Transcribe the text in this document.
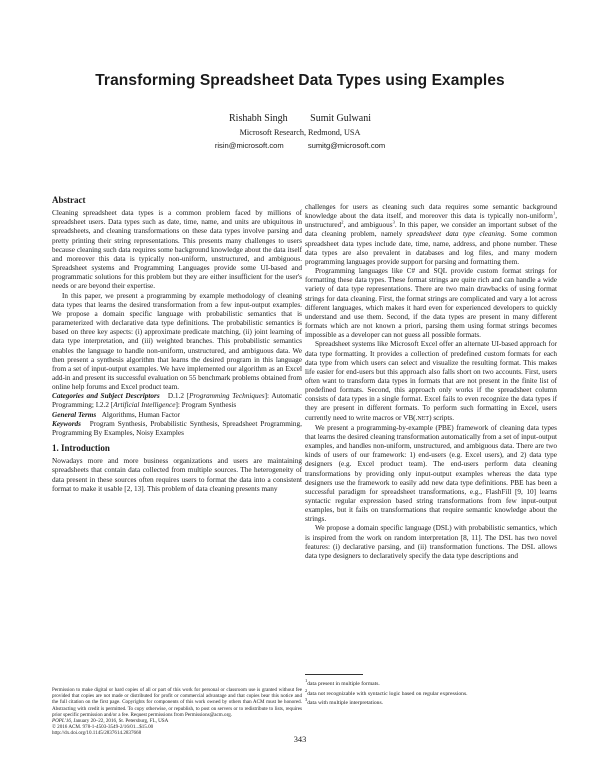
Transforming Spreadsheet Data Types using Examples
Rishabh Singh Sumit Gulwani
Microsoft Research, Redmond, USA
risin@microsoft.com	sumitg@microsoft.com
Abstract

Cleaning spreadsheet data types is a common problem faced by millions of spreadsheet users. Data types such as date, time, name, and units are ubiquitous in spreadsheets, and cleaning transformations on these data types involve parsing and pretty printing their string representations. This presents many challenges to users because cleaning such data requires some background knowledge about the data itself and moreover this data is typically non-uniform, unstructured, and ambiguous. Spreadsheet systems and Programming Languages provide some UI-based and programmatic solutions for this problem but they are either insufficient for the user's needs or are beyond their expertise.

In this paper, we present a programming by example methodology of cleaning data types that learns the desired transformation from a few input-output examples. We propose a domain specific language with probabilistic semantics that is parameterized with declarative data type definitions. The probabilistic semantics is based on three key aspects: (i) approximate predicate matching, (ii) joint learning of data type interpretation, and (iii) weighted branches. This probabilistic semantics enables the language to handle non-uniform, unstructured, and ambiguous data. We then present a synthesis algorithm that learns the desired program in this language from a set of input-output examples. We have implemented our algorithm as an Excel add-in and present its successful evaluation on 55 benchmark problems obtained from online help forums and Excel product team.

Categories and Subject Descriptors D.1.2 [Programming Techniques]: Automatic Programming; I.2.2 [Artificial Intelligence]: Program Synthesis

General Terms Algorithms, Human Factor

Keywords Program Synthesis, Probabilistic Synthesis, Spreadsheet Programming, Programming By Examples, Noisy Examples

1. Introduction

Nowadays more and more business organizations and users are maintaining spreadsheets that contain data collected from multiple sources. The heterogeneity of data present in these sources often requires users to format the data into a consistent format to make it usable [2, 13]. This problem of data cleaning presents many

Permission to make digital or hard copies of all or part of this work for personal or classroom use is granted without fee provided that copies are not made or distributed for profit or commercial advantage and that copies bear this notice and the full citation on the first page. Copyrights for components of this work owned by others than ACM must be honored. Abstracting with credit is permitted. To copy otherwise, or republish, to post on servers or to redistribute to lists, requires prior specific permission and/or a fee. Request permissions from Permissions@acm.org.

POPL'16, January 20–22, 2016, St. Petersburg, FL, USA

© 2016 ACM. 978-1-4503-3549-2/16/01...$15.00

http://dx.doi.org/10.1145/2837614.2837668

challenges for users as cleaning such data requires some semantic background knowledge about the data itself, and moreover this data is typically non-uniform$^1$, unstructured$^2$, and ambiguous$^3$. In this paper, we consider an important subset of the data cleaning problem, namely spreadsheet data type cleaning. Some common spreadsheet data types include date, time, name, address, and phone number. These data types are also prevalent in databases and log files, and many modern programming languages provide support for parsing and formatting them.

Programming languages like C# and SQL provide custom format strings for formatting these data types. These format strings are quite rich and can handle a wide variety of data type representations. There are two main drawbacks of using format strings for data cleaning. First, the format strings are complicated and vary a lot across different languages, which makes it hard even for experienced developers to quickly understand and use them. Second, if the data types are present in many different formats which are not known a priori, parsing them using format strings becomes impossible as a developer can not guess all possible formats.

Spreadsheet systems like Microsoft Excel offer an alternate UI-based approach for data type formatting. It provides a collection of predefined custom formats for each data type from which users can select and visualize the resulting format. This makes life easier for end-users but this approach also falls short on two accounts. First, users often want to transform data types in formats that are not present in the finite list of predefined formats. Second, this approach only works if the spreadsheet column consists of data types in a single format. Excel fails to even recognize the data types if they are present in different formats. To perform such formatting in Excel, users currently need to write macros or VB(.NET) scripts.

We present a programming-by-example (PBE) framework of cleaning data types that learns the desired cleaning transformation automatically from a set of input-output examples, and handles non-uniform, unstructured, and ambiguous data. There are two kinds of users of our framework: 1) end-users (e.g. Excel users), and 2) data type designers (e.g. Excel product team). The end-users perform data cleaning transformations by providing only input-output examples whereas the data type designers use the framework to easily add new data type definitions. PBE has been a successful paradigm for spreadsheet transformations, e.g., FlashFill [9, 10] learns syntactic regular expression based string transformations from few input-output examples, but it fails on transformations that require semantic knowledge about the strings.

We propose a domain specific language (DSL) with probabilistic semantics, which is inspired from the work on random interpretation [8, 11]. The DSL has two novel features: (i) declarative parsing, and (ii) transformation functions. The DSL allows data type designers to declaratively specify the data type descriptions and

$^1$data present in multiple formats.

$^2$data not recognizable with syntactic logic based on regular expressions.

$^3$data with multiple interpretations.

343
